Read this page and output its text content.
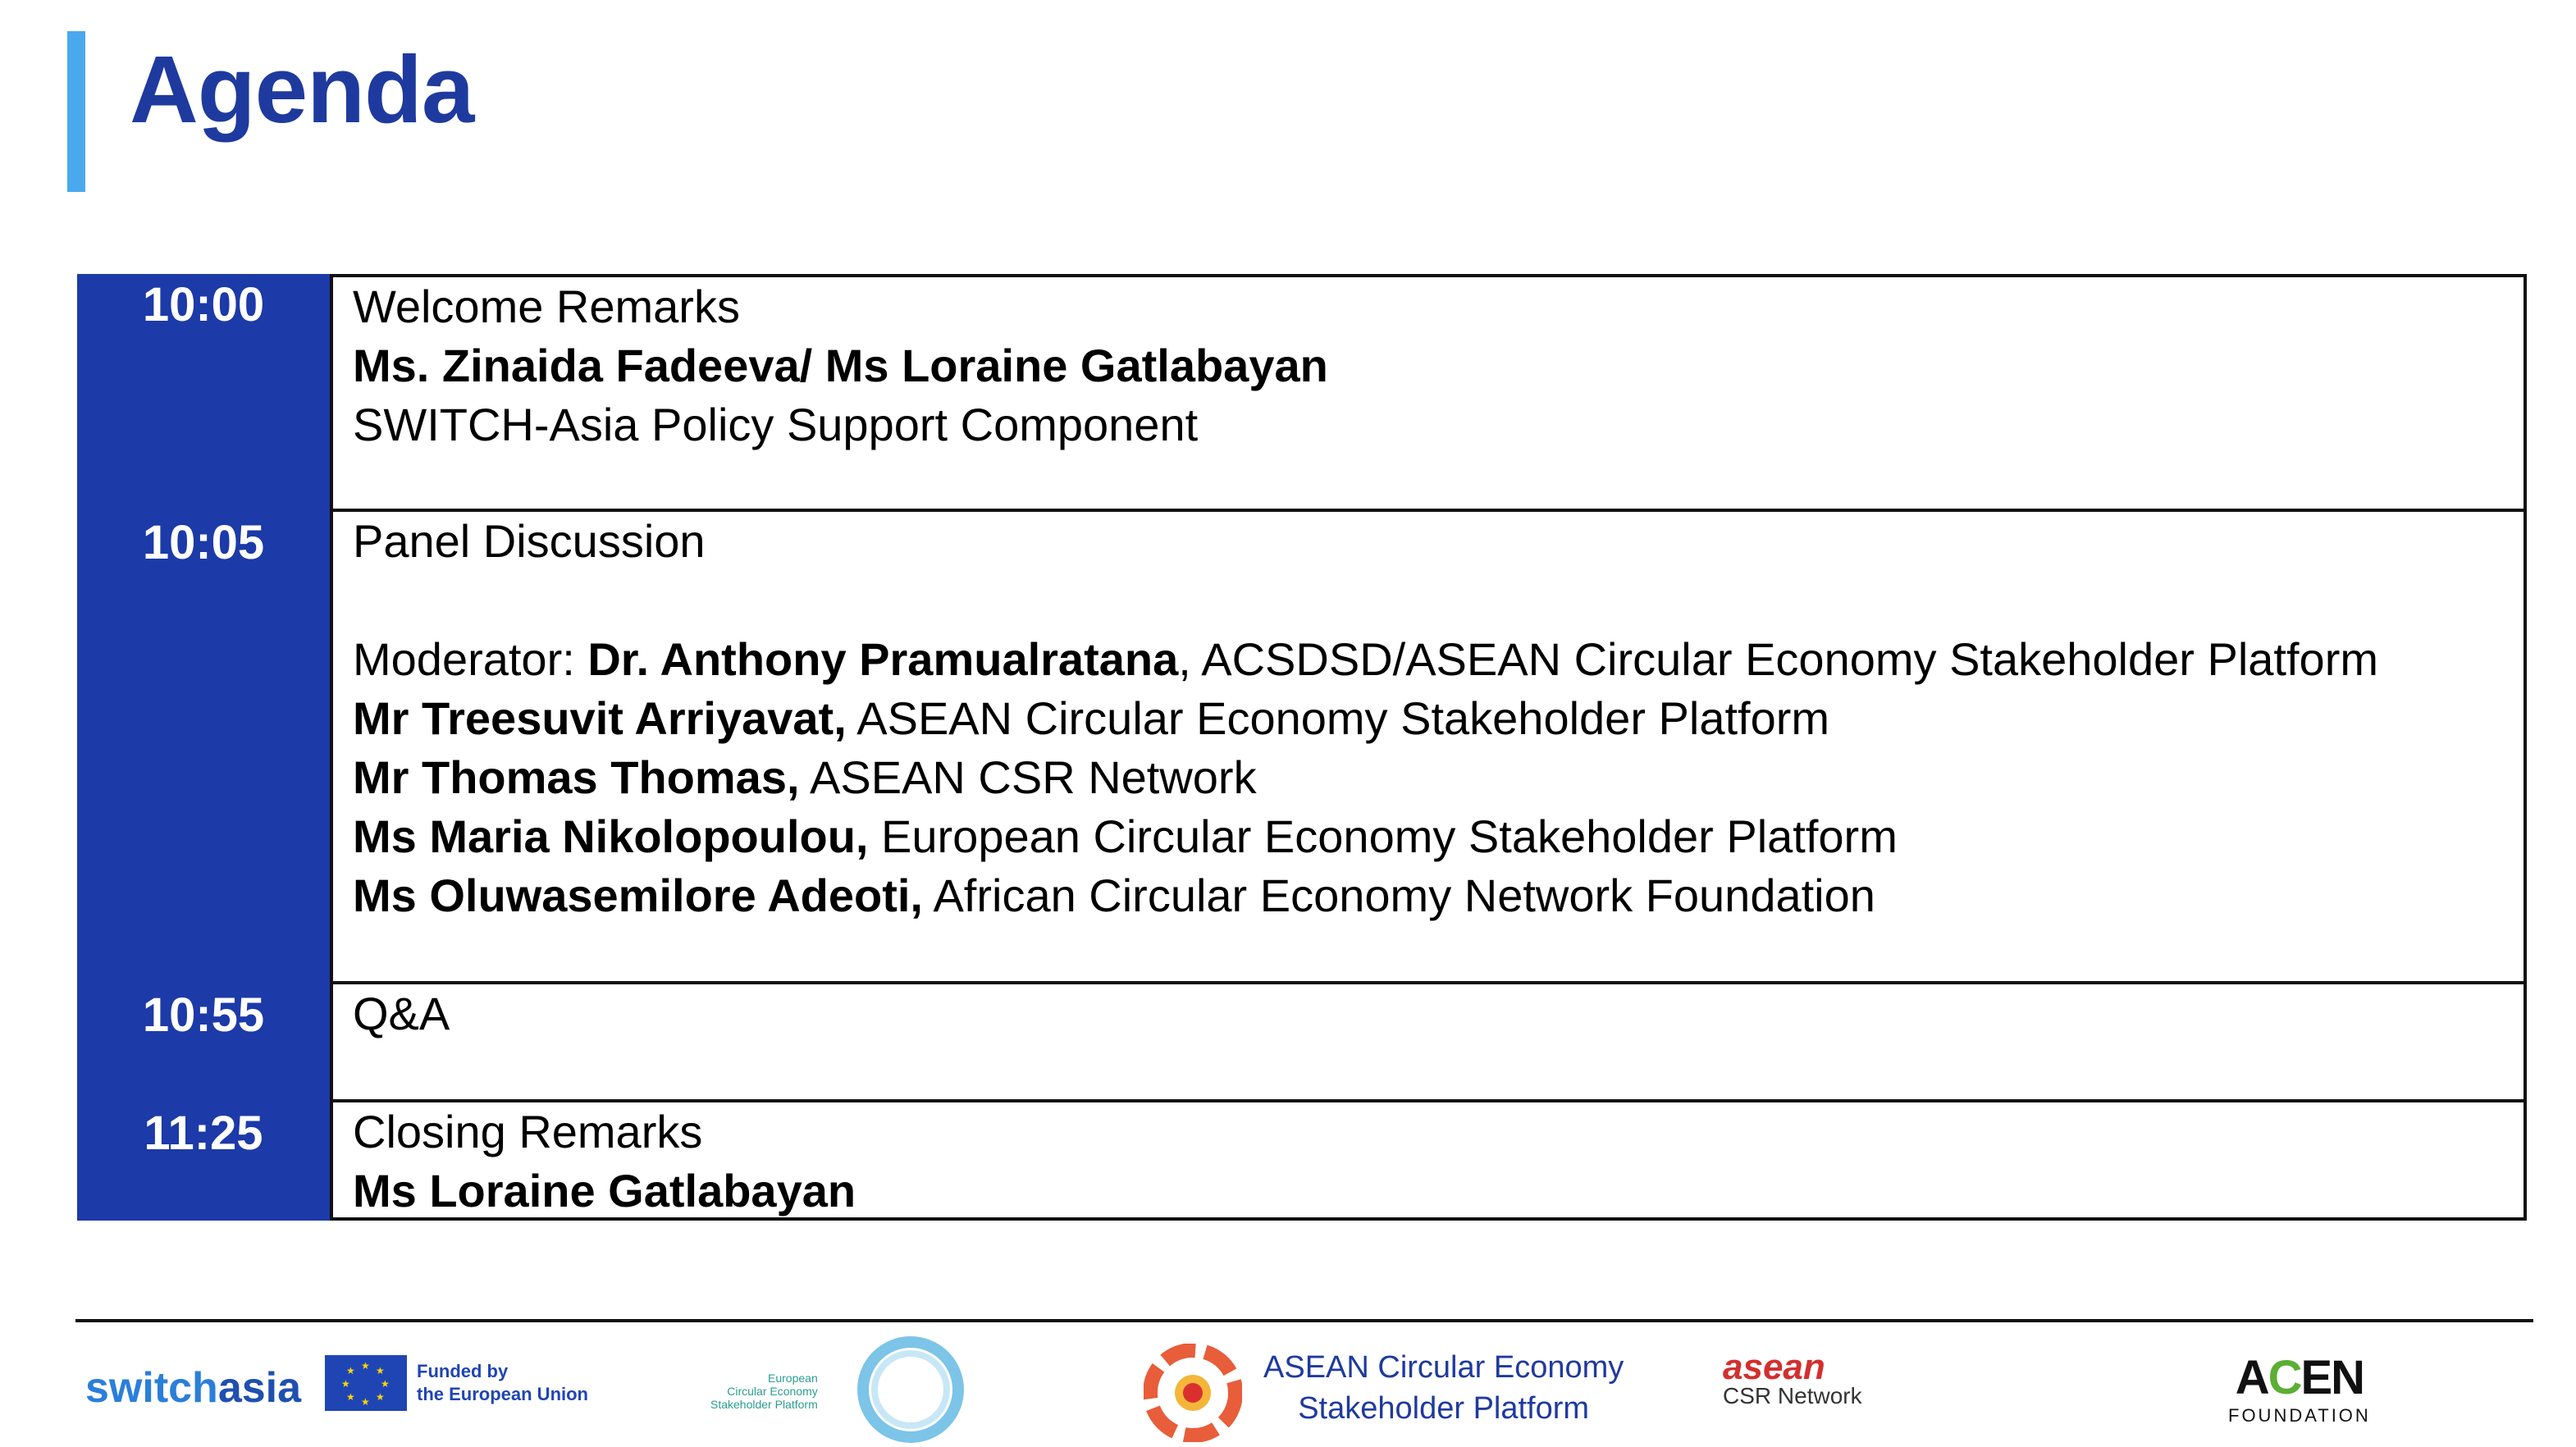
Agenda
10:00	Welcome Remarks
Ms. Zinaida Fadeeva/ Ms Loraine Gatlabayan
SWITCH-Asia Policy Support Component
10:05	Panel Discussion
Moderator: Dr. Anthony Pramualratana, ACSDSD/ASEAN Circular Economy Stakeholder Platform
Mr Treesuvit Arriyavat, ASEAN Circular Economy Stakeholder Platform
Mr Thomas Thomas, ASEAN CSR Network
Ms Maria Nikolopoulou, European Circular Economy Stakeholder Platform
Ms Oluwasemilore Adeoti, African Circular Economy Network Foundation
10:55	Q&A
11:25	Closing Remarks
Ms Loraine Gatlabayan
switchasia	★ ★
★
★
★
★
★
★	Funded by
the European Union
European
Circular Economy
Stakeholder Platform
ASEAN Circular Economy
Stakeholder Platform
asean
CSR Network	ACEN
FOUNDATION
